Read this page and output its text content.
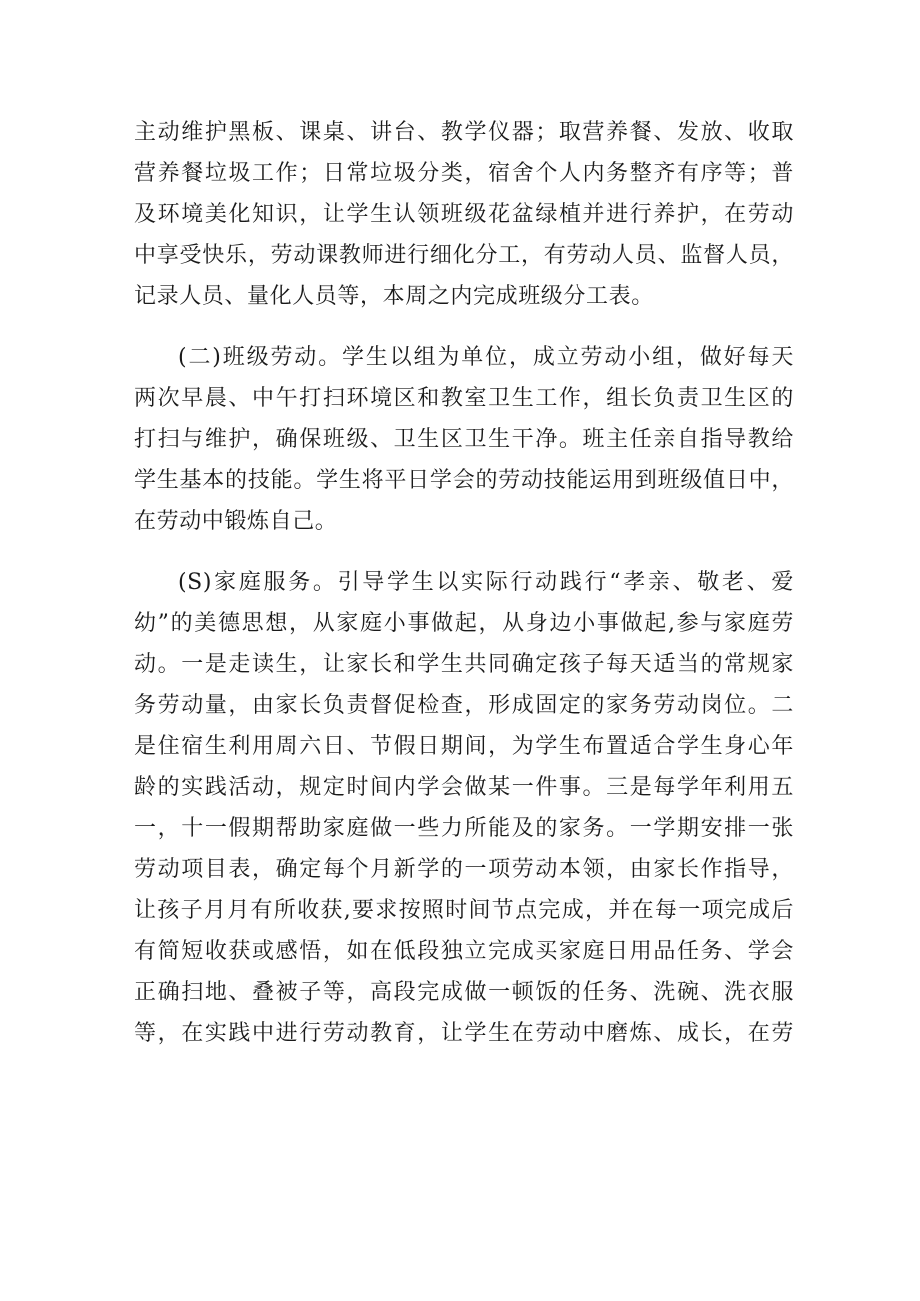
主动维护黑板、课桌、讲台、教学仪器；取营养餐、发放、收取
营养餐垃圾工作；日常垃圾分类，宿舍个人内务整齐有序等；普
及环境美化知识，让学生认领班级花盆绿植并进行养护，在劳动
中享受快乐，劳动课教师进行细化分工，有劳动人员、监督人员，
记录人员、量化人员等，本周之内完成班级分工表。
(二)班级劳动。学生以组为单位，成立劳动小组，做好每天
两次早晨、中午打扫环境区和教室卫生工作，组长负责卫生区的
打扫与维护，确保班级、卫生区卫生干净。班主任亲自指导教给
学生基本的技能。学生将平日学会的劳动技能运用到班级值日中，
在劳动中锻炼自己。
(S)家庭服务。引导学生以实际行动践行“孝亲、敬老、爱
幼”的美德思想，从家庭小事做起，从身边小事做起,参与家庭劳
动。一是走读生，让家长和学生共同确定孩子每天适当的常规家
务劳动量，由家长负责督促检查，形成固定的家务劳动岗位。二
是住宿生利用周六日、节假日期间，为学生布置适合学生身心年
龄的实践活动，规定时间内学会做某一件事。三是每学年利用五
一，十一假期帮助家庭做一些力所能及的家务。一学期安排一张
劳动项目表，确定每个月新学的一项劳动本领，由家长作指导，
让孩子月月有所收获,要求按照时间节点完成，并在每一项完成后
有简短收获或感悟，如在低段独立完成买家庭日用品任务、学会
正确扫地、叠被子等，高段完成做一顿饭的任务、洗碗、洗衣服
等，在实践中进行劳动教育，让学生在劳动中磨炼、成长，在劳
